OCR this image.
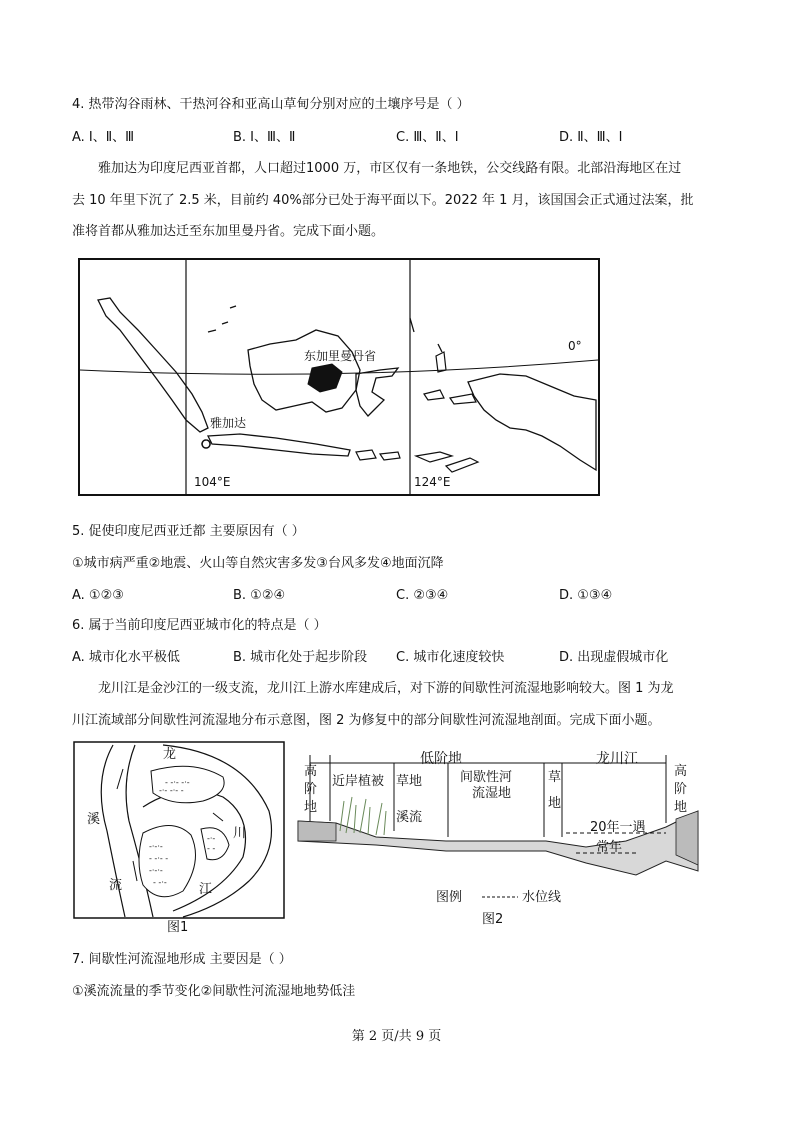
4. 热带沟谷雨林、干热河谷和亚高山草甸分别对应的土壤序号是（ ）
A. Ⅰ、Ⅱ、Ⅲ	B. Ⅰ、Ⅲ、Ⅱ	C. Ⅲ、Ⅱ、Ⅰ	D. Ⅱ、Ⅲ、Ⅰ
雅加达为印度尼西亚首都，人口超过1000 万，市区仅有一条地铁，公交线路有限。北部沿海地区在过
去 10 年里下沉了 2.5 米，目前约 40%部分已处于海平面以下。2022 年 1 月，该国国会正式通过法案，批
准将首都从雅加达迁至东加里曼丹省。完成下面小题。
东加里曼丹省
雅加达
0°
104°E	124°E
5. 促使印度尼西亚迁都 主要原因有（ ）
①城市病严重②地震、火山等自然灾害多发③台风多发④地面沉降
A. ①②③	B. ①②④	C. ②③④	D. ①③④
6. 属于当前印度尼西亚城市化的特点是（ ）
A. 城市化水平极低	B. 城市化处于起步阶段 C. 城市化速度较快	D. 出现虚假城市化
龙川江是金沙江的一级支流，龙川江上游水库建成后，对下游的间歇性河流湿地影响较大。图 1 为龙
川江流域部分间歇性河流湿地分布示意图，图 2 为修复中的部分间歇性河流湿地剖面。完成下面小题。
- -·- -·-
-·- -·- -
-·-·-
- -·- -
-·-·-
- -·-
-·-
- -
龙
川
溪
流	江
图1
高阶地
高阶地
低阶地	龙川江
近岸植被 草地	间歇性河流湿地
草地
溪流
20年一遇
常年
图例	水位线
图2
7. 间歇性河流湿地形成 主要因是（ ）
①溪流流量的季节变化②间歇性河流湿地地势低洼
第 2 页/共 9 页
